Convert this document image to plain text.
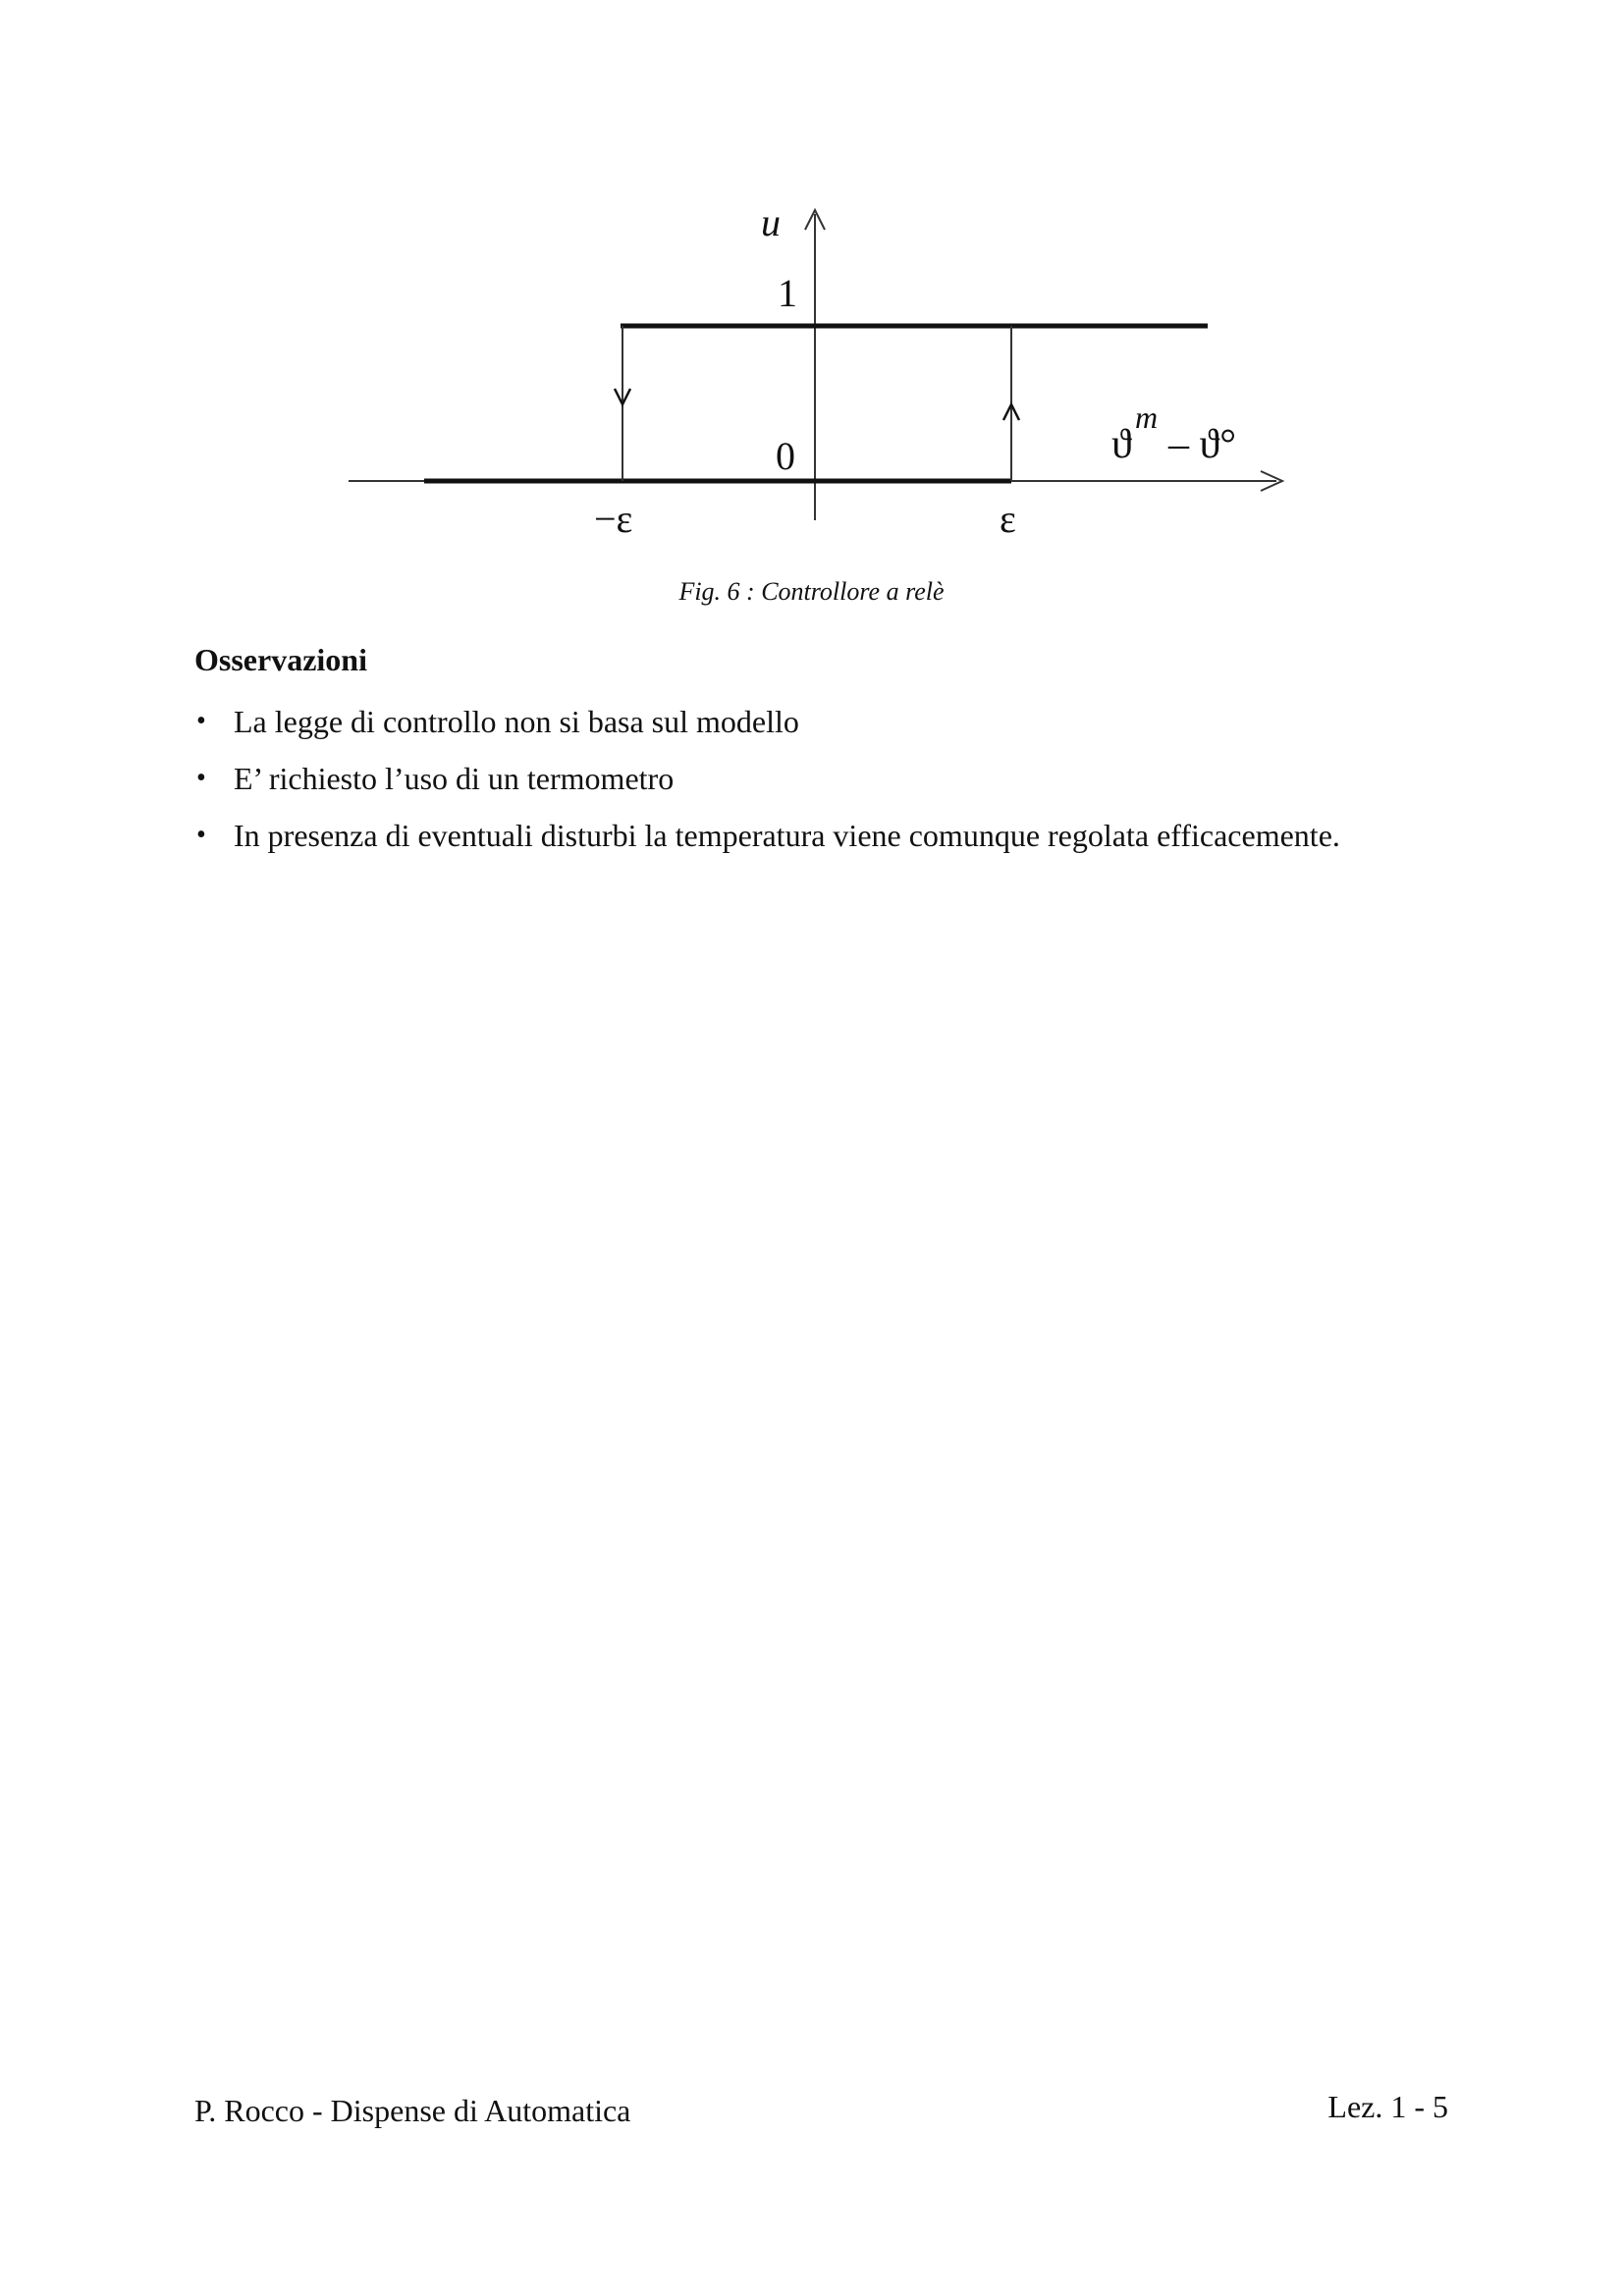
u
1
0
−ε	ε
ϑ
m
– ϑ°
Fig. 6 : Controllore a relè
Osservazioni
• La legge di controllo non si basa sul modello
• E’ richiesto l’uso di un termometro
• In presenza di eventuali disturbi la temperatura viene comunque regolata efficacemente.
P. Rocco - Dispense di Automatica	Lez. 1 - 5
